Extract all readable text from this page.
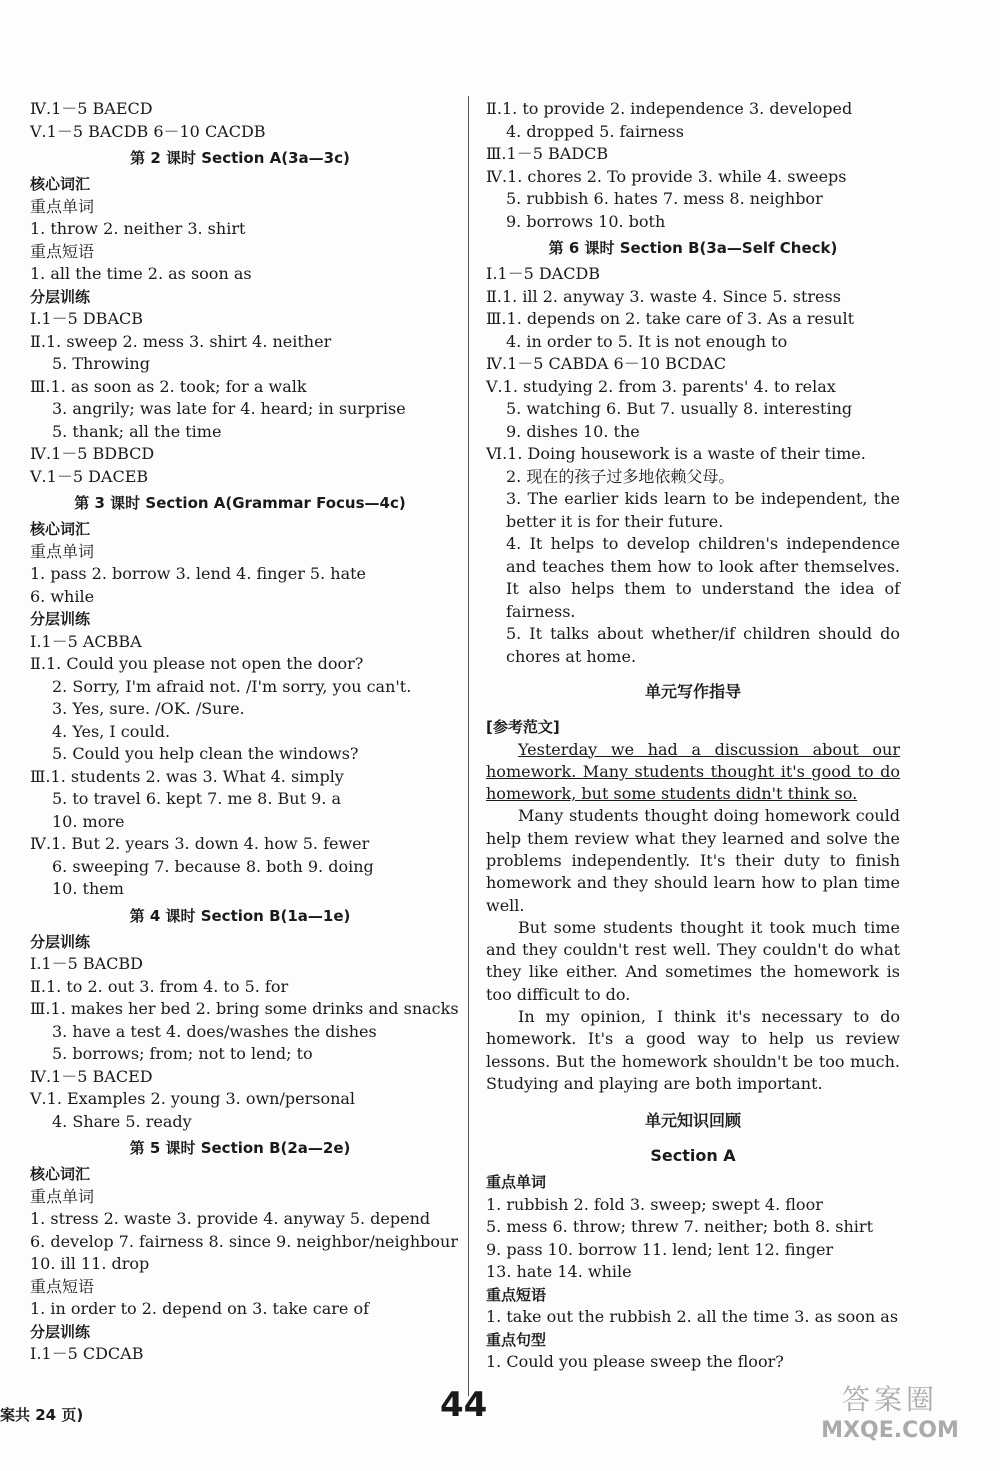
Ⅳ.1－5 BAECD
Ⅴ.1－5 BACDB 6－10 CACDB
第 2 课时 Section A(3a—3c)
核心词汇
重点单词
1. throw 2. neither 3. shirt
重点短语
1. all the time 2. as soon as
分层训练
Ⅰ.1－5 DBACB
Ⅱ.1. sweep 2. mess 3. shirt 4. neither
5. Throwing
Ⅲ.1. as soon as 2. took; for a walk
3. angrily; was late for 4. heard; in surprise
5. thank; all the time
Ⅳ.1－5 BDBCD
Ⅴ.1－5 DACEB
第 3 课时 Section A(Grammar Focus—4c)
核心词汇
重点单词
1. pass 2. borrow 3. lend 4. finger 5. hate
6. while
分层训练
Ⅰ.1－5 ACBBA
Ⅱ.1. Could you please not open the door?
2. Sorry, I'm afraid not. /I'm sorry, you can't.
3. Yes, sure. /OK. /Sure.
4. Yes, I could.
5. Could you help clean the windows?
Ⅲ.1. students 2. was 3. What 4. simply
5. to travel 6. kept 7. me 8. But 9. a
10. more
Ⅳ.1. But 2. years 3. down 4. how 5. fewer
6. sweeping 7. because 8. both 9. doing
10. them
第 4 课时 Section B(1a—1e)
分层训练
Ⅰ.1－5 BACBD
Ⅱ.1. to 2. out 3. from 4. to 5. for
Ⅲ.1. makes her bed 2. bring some drinks and snacks
3. have a test 4. does/washes the dishes
5. borrows; from; not to lend; to
Ⅳ.1－5 BACED
Ⅴ.1. Examples 2. young 3. own/personal
4. Share 5. ready
第 5 课时 Section B(2a—2e)
核心词汇
重点单词
1. stress 2. waste 3. provide 4. anyway 5. depend
6. develop 7. fairness 8. since 9. neighbor/neighbour
10. ill 11. drop
重点短语
1. in order to 2. depend on 3. take care of
分层训练
Ⅰ.1－5 CDCAB
Ⅱ.1. to provide 2. independence 3. developed
4. dropped 5. fairness
Ⅲ.1－5 BADCB
Ⅳ.1. chores 2. To provide 3. while 4. sweeps
5. rubbish 6. hates 7. mess 8. neighbor
9. borrows 10. both
第 6 课时 Section B(3a—Self Check)
Ⅰ.1－5 DACDB
Ⅱ.1. ill 2. anyway 3. waste 4. Since 5. stress
Ⅲ.1. depends on 2. take care of 3. As a result
4. in order to 5. It is not enough to
Ⅳ.1－5 CABDA 6－10 BCDAC
Ⅴ.1. studying 2. from 3. parents' 4. to relax
5. watching 6. But 7. usually 8. interesting
9. dishes 10. the
Ⅵ.1. Doing housework is a waste of their time.
2. 现在的孩子过多地依赖父母。
3. The earlier kids learn to be independent, the better it is for their future.
4. It helps to develop children's independence and teaches them how to look after themselves. It also helps them to understand the idea of fairness.
5. It talks about whether/if children should do chores at home.
单元写作指导
[参考范文]

Yesterday we had a discussion about our homework. Many students thought it's good to do homework, but some students didn't think so.

Many students thought doing homework could help them review what they learned and solve the problems independently. It's their duty to finish homework and they should learn how to plan time well.

But some students thought it took much time and they couldn't rest well. They couldn't do what they like either. And sometimes the homework is too difficult to do.

In my opinion, I think it's necessary to do homework. It's a good way to help us review lessons. But the homework shouldn't be too much. Studying and playing are both important.

单元知识回顾
Section A
重点单词
1. rubbish 2. fold 3. sweep; swept 4. floor
5. mess 6. throw; threw 7. neither; both 8. shirt
9. pass 10. borrow 11. lend; lent 12. finger
13. hate 14. while
重点短语
1. take out the rubbish 2. all the time 3. as soon as
重点句型
1. Could you please sweep the floor?
案共 24 页)	44	答案圈
MXQE.COM
